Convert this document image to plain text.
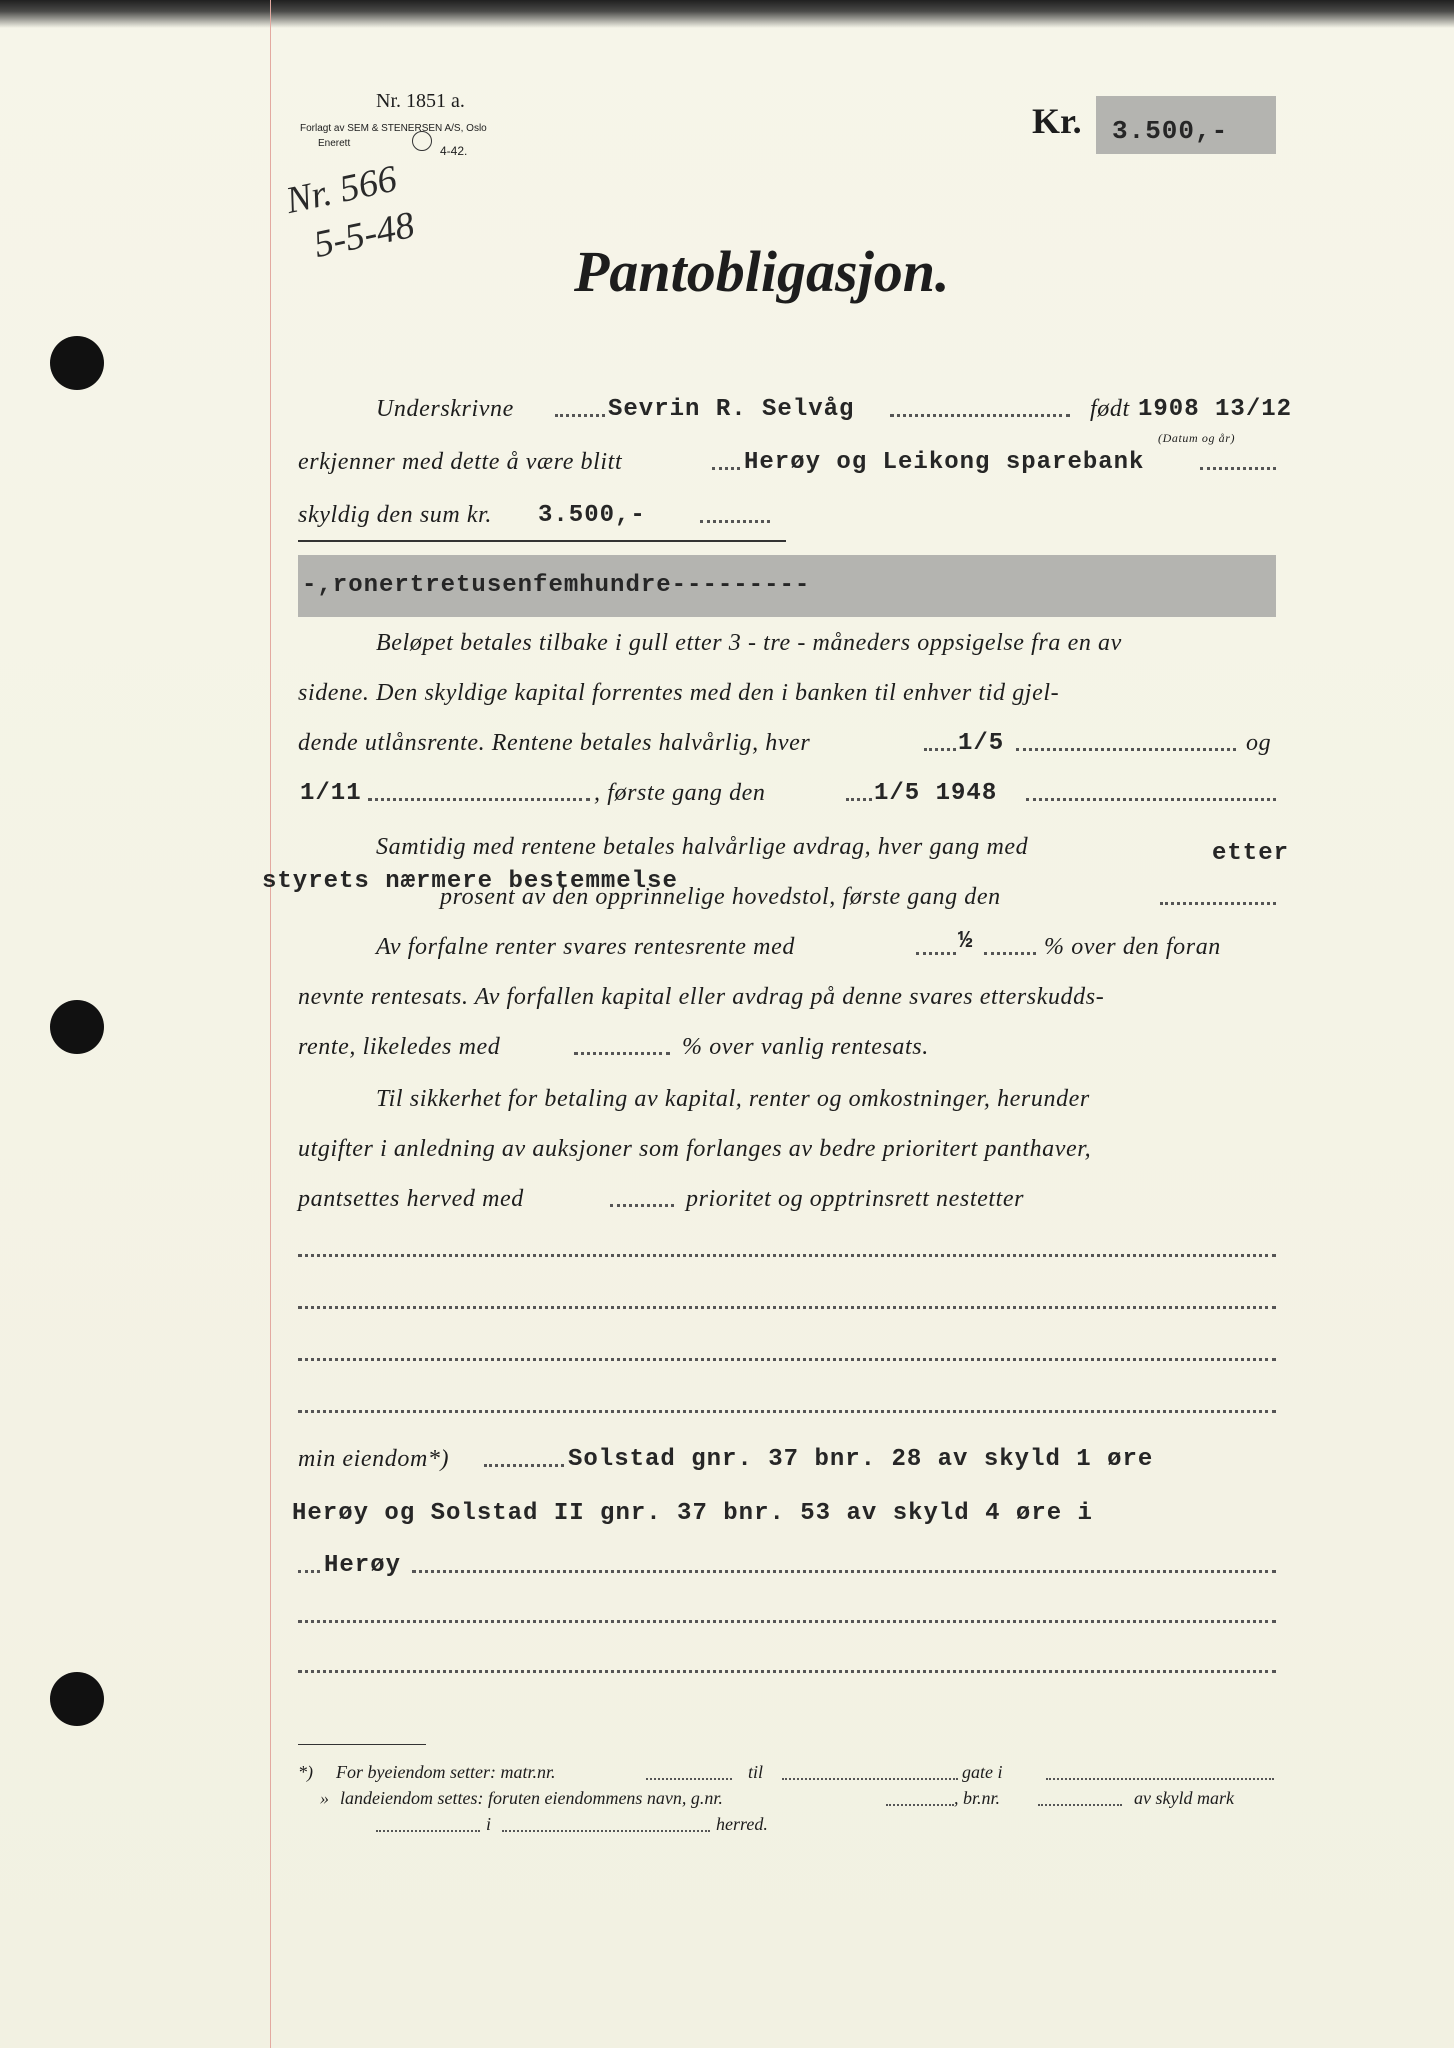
Nr. 1851 a.
Forlagt av SEM & STENERSEN A/S, Oslo
Enerett
4-42.
Nr. 566
5-5-48
Kr. 3.500,-
Pantobligasjon.
Underskrivne	Sevrin R. Selvåg	født 1908 13/12
(Datum og år)
erkjenner med dette å være blitt	Herøy og Leikong sparebank
skyldig den sum kr. 3.500,-
-,ronertretusenfemhundre---------
Beløpet betales tilbake i gull etter 3 - tre - måneders oppsigelse fra en av
sidene. Den skyldige kapital forrentes med den i banken til enhver tid gjel-
dende utlånsrente. Rentene betales halvårlig, hver	1/5	og
1/11	, første gang den	1/5 1948
Samtidig med rentene betales halvårlige avdrag, hver gang med	etter
styrets nærmere bestemmelse
prosent av den opprinnelige hovedstol, første gang den
Av forfalne renter svares rentesrente med	½	% over den foran
nevnte rentesats. Av forfallen kapital eller avdrag på denne svares etterskudds-
rente, likeledes med	% over vanlig rentesats.
Til sikkerhet for betaling av kapital, renter og omkostninger, herunder
utgifter i anledning av auksjoner som forlanges av bedre prioritert panthaver,
pantsettes herved med	prioritet og opptrinsrett nestetter
min eiendom*)	Solstad gnr. 37 bnr. 28 av skyld 1 øre
Herøy og Solstad II gnr. 37 bnr. 53 av skyld 4 øre i
Herøy
*) For byeiendom setter: matr.nr.	til	gate i
» landeiendom settes: foruten eiendommens navn, g.nr.	, br.nr.	av skyld mark
i	herred.
